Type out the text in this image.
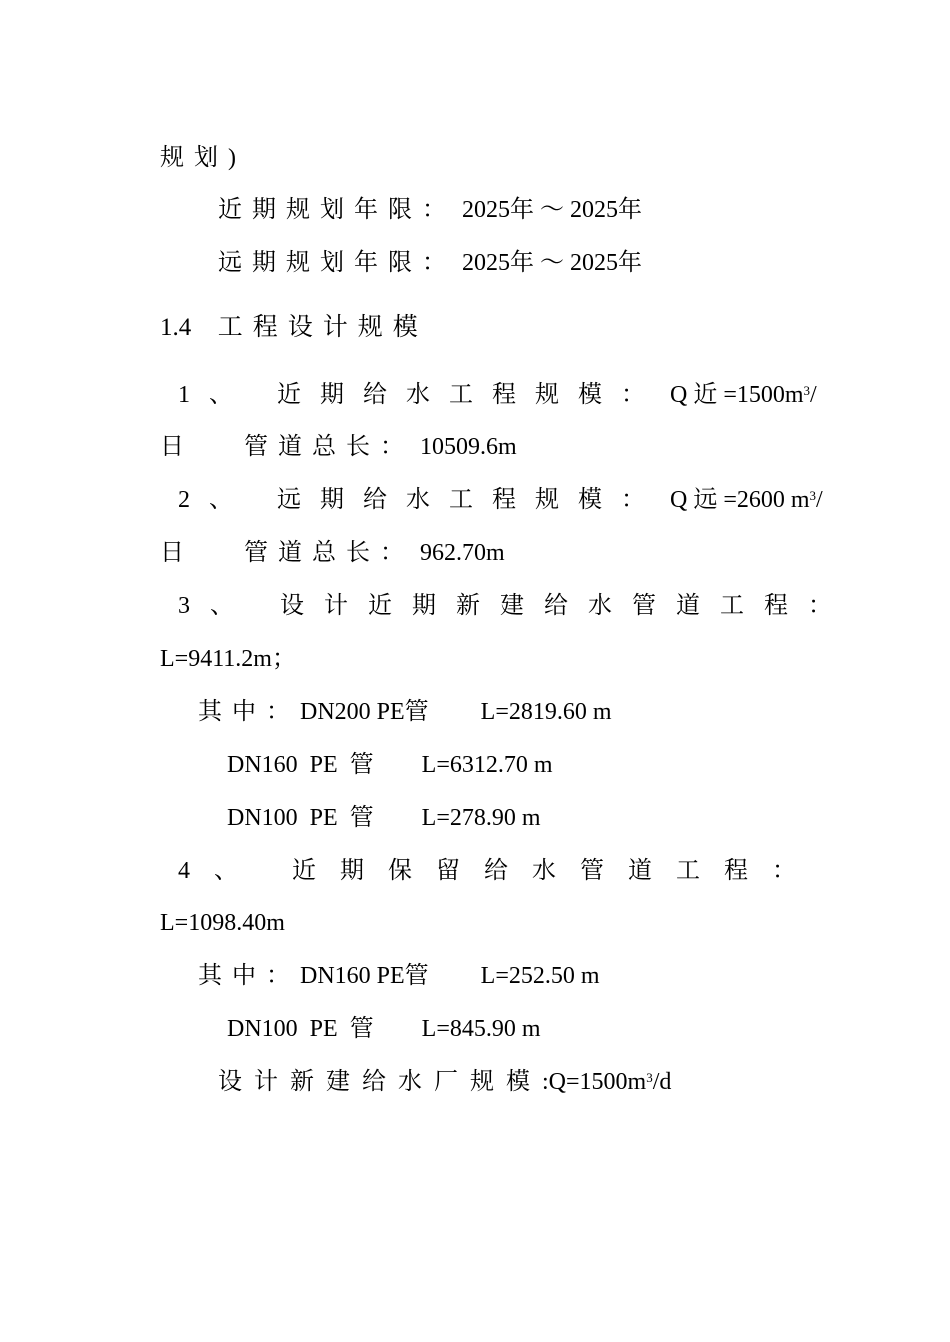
规划)
近期规划年限： 2025年 ～ 2025年
远期规划年限： 2025年 ～ 2025年
1.4 工程设计规模
1、 近期给水工程规模： Q 近 $=1500m^3/$
日	管道总长： 10509.6m
2、 远期给水工程规模： Q 远 =2600 $m^3/$
日	管道总长： 962.70m
3、 设计近期新建给水管道工程：
L=9411.2m；
其中：DN200 PE管 L=2819.60 m
DN160  PE  管 L=6312.70 m
DN100  PE  管 L=278.90 m
4、 近期保留给水管道工程：
L=1098.40m
其中：DN160 PE管 L=252.50 m
DN100  PE  管 L=845.90 m
设计新建给水厂规模$:Q=1500m^3/d$
